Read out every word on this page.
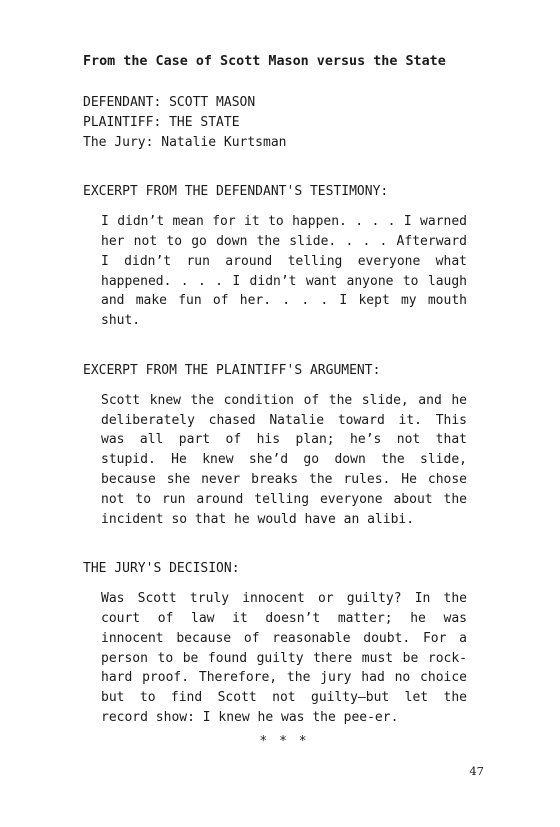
From the Case of Scott Mason versus the State
DEFENDANT: SCOTT MASON
PLAINTIFF: THE STATE
The Jury: Natalie Kurtsman
EXCERPT FROM THE DEFENDANT'S TESTIMONY:
I didn’t mean for it to happen. . . . I warned her not to go down the slide. . . . Afterward I didn’t run around telling everyone what happened. . . . I didn’t want anyone to laugh and make fun of her. . . . I kept my mouth shut.
EXCERPT FROM THE PLAINTIFF'S ARGUMENT:
Scott knew the condition of the slide, and he deliberately chased Natalie toward it. This was all part of his plan; he’s not that stupid. He knew she’d go down the slide, because she never breaks the rules. He chose not to run around telling everyone about the incident so that he would have an alibi.
THE JURY'S DECISION:
Was Scott truly innocent or guilty? In the court of law it doesn’t matter; he was innocent because of reasonable doubt. For a person to be found guilty there must be rock-hard proof. Therefore, the jury had no choice but to find Scott not guilty—but let the record show: I knew he was the pee-er.
* * *
47
